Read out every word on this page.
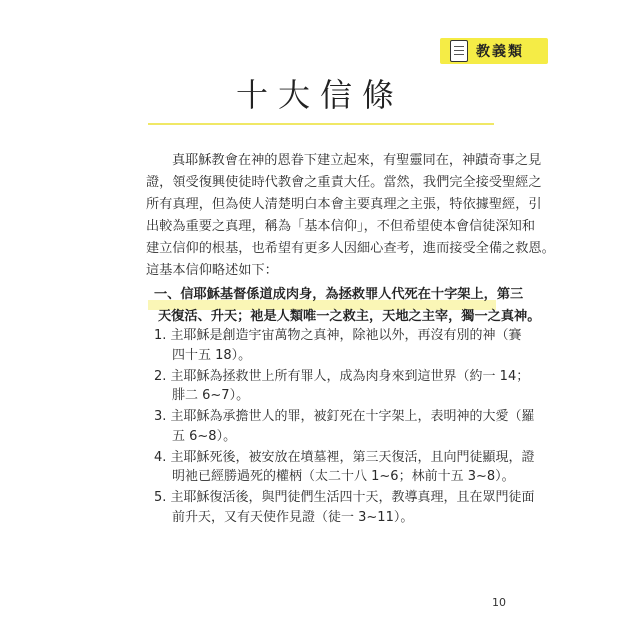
教義類
十大信條

真耶穌教會在神的恩眷下建立起來，有聖靈同在，神蹟奇事之見
證，領受復興使徒時代教會之重責大任。當然，我們完全接受聖經之
所有真理，但為使人清楚明白本會主要真理之主張，特依據聖經，引
出較為重要之真理，稱為「基本信仰」，不但希望使本會信徒深知和
建立信仰的根基，也希望有更多人因細心查考，進而接受全備之救恩。
這基本信仰略述如下：

一、信耶穌基督係道成肉身，為拯救罪人代死在十字架上，第三
天復活、升天；祂是人類唯一之救主，天地之主宰，獨一之真神。

1. 主耶穌是創造宇宙萬物之真神，除祂以外，再沒有別的神（賽
四十五 18）。
2. 主耶穌為拯救世上所有罪人，成為肉身來到這世界（約一 14；
腓二 6~7）。
3. 主耶穌為承擔世人的罪，被釘死在十字架上，表明神的大愛（羅
五 6~8）。
4. 主耶穌死後，被安放在墳墓裡，第三天復活，且向門徒顯現，證
明祂已經勝過死的權柄（太二十八 1~6；林前十五 3~8）。
5. 主耶穌復活後，與門徒們生活四十天，教導真理，且在眾門徒面
前升天，又有天使作見證（徒一 3~11）。
10
